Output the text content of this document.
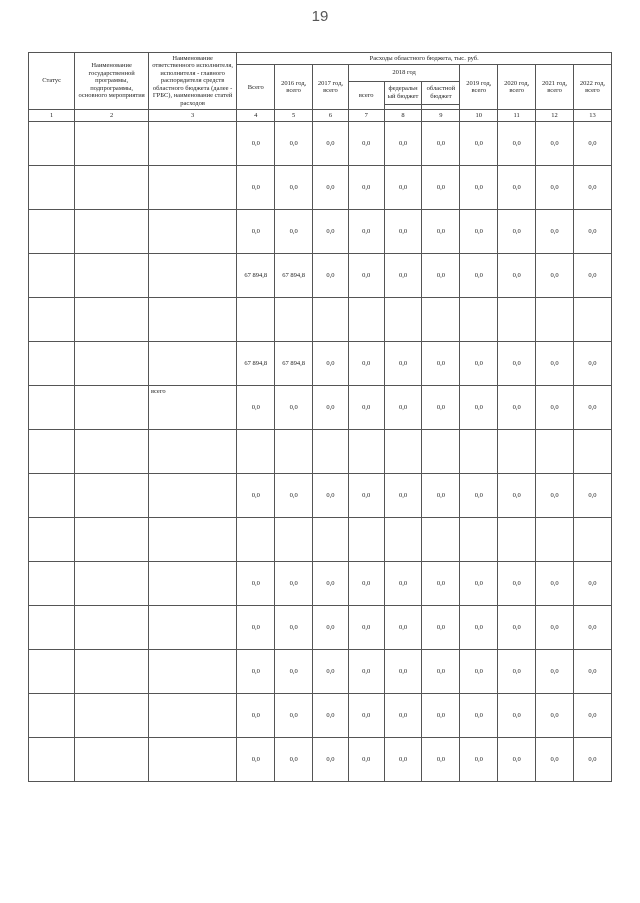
19
Статус	Наименование государственной программы, подпрограммы, основного мероприятия	Наименование ответственного исполнителя, исполнителя - главного распорядителя средств областного бюджета (далее - ГРБС), наименование статей расходов	Расходы областного бюджета, тыс. руб.									
			Всего	2016 год, всего	2017 год, всего	2018 год			2019 год, всего	2020 год, всего	2021 год, всего	2022 год, всего
						всего	федеральный бюджет	областной бюджет				

1	2	3	4	5	6	7	8	9	10	11	12	13
			0,0	0,0	0,0	0,0	0,0	0,0	0,0	0,0	0,0	0,0
			0,0	0,0	0,0	0,0	0,0	0,0	0,0	0,0	0,0	0,0
			0,0	0,0	0,0	0,0	0,0	0,0	0,0	0,0	0,0	0,0
			67 894,8	67 894,8	0,0	0,0	0,0	0,0	0,0	0,0	0,0	0,0

			67 894,8	67 894,8	0,0	0,0	0,0	0,0	0,0	0,0	0,0	0,0
		всего	0,0	0,0	0,0	0,0	0,0	0,0	0,0	0,0	0,0	0,0

			0,0	0,0	0,0	0,0	0,0	0,0	0,0	0,0	0,0	0,0

			0,0	0,0	0,0	0,0	0,0	0,0	0,0	0,0	0,0	0,0
			0,0	0,0	0,0	0,0	0,0	0,0	0,0	0,0	0,0	0,0
			0,0	0,0	0,0	0,0	0,0	0,0	0,0	0,0	0,0	0,0
			0,0	0,0	0,0	0,0	0,0	0,0	0,0	0,0	0,0	0,0
			0,0	0,0	0,0	0,0	0,0	0,0	0,0	0,0	0,0	0,0
